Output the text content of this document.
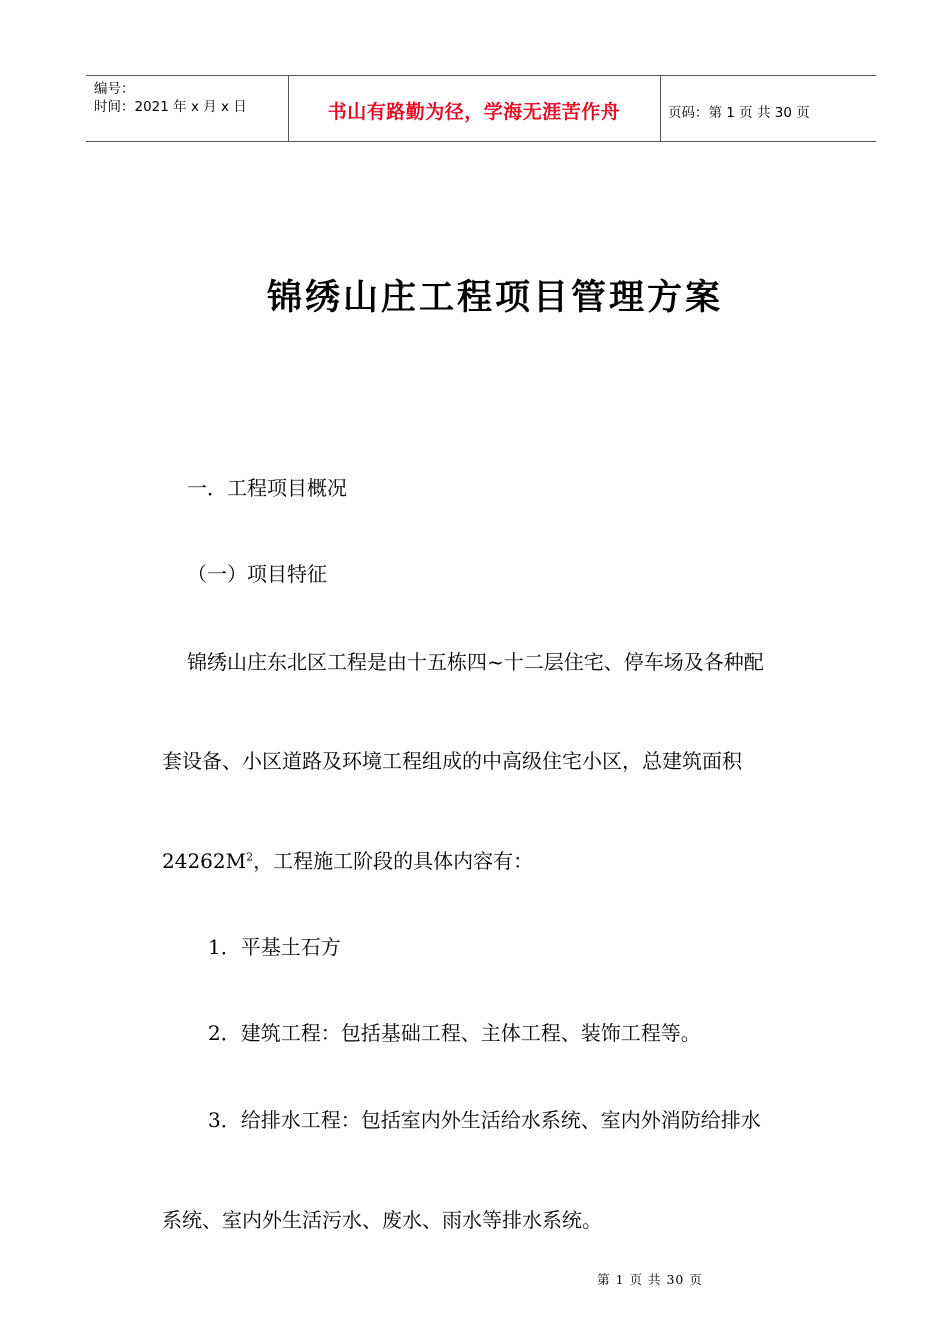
编号：
时间：2021 年 x 月 x 日	书山有路勤为径，学海无涯苦作舟	页码：第 1 页 共 30 页
锦绣山庄工程项目管理方案
一．工程项目概况
（一）项目特征
锦绣山庄东北区工程是由十五栋四~十二层住宅、停车场及各种配
套设备、小区道路及环境工程组成的中高级住宅小区，总建筑面积
$24262M^2$，工程施工阶段的具体内容有：
1．平基土石方
2．建筑工程：包括基础工程、主体工程、装饰工程等。
3．给排水工程：包括室内外生活给水系统、室内外消防给排水
系统、室内外生活污水、废水、雨水等排水系统。
第 1 页 共 30 页
